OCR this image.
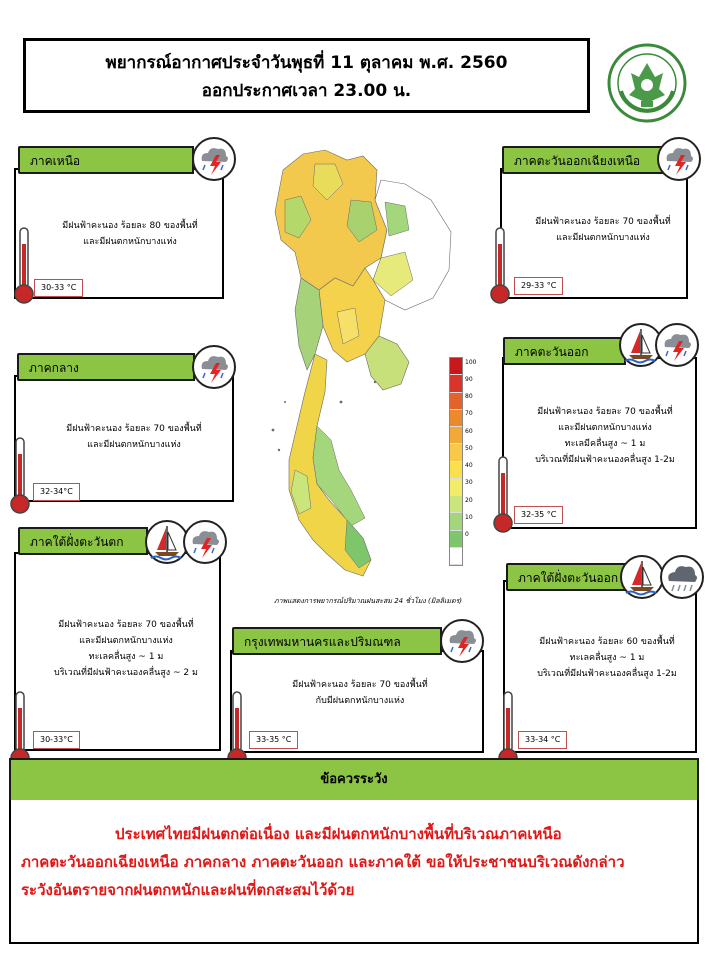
พยากรณ์อากาศประจำวันพุธที่ 11 ตุลาคม พ.ศ. 2560
ออกประกาศเวลา 23.00 น.
ภาคเหนือ
มีฝนฟ้าคะนอง ร้อยละ 80 ของพื้นที่
และมีฝนตกหนักบางแห่ง
30-33 °C
ภาคตะวันออกเฉียงเหนือ
มีฝนฟ้าคะนอง ร้อยละ 70 ของพื้นที่
และมีฝนตกหนักบางแห่ง
29-33 °C
ภาคกลาง
มีฝนฟ้าคะนอง ร้อยละ 70 ของพื้นที่
และมีฝนตกหนักบางแห่ง
32-34°C
ภาคตะวันออก
มีฝนฟ้าคะนอง ร้อยละ 70 ของพื้นที่
และมีฝนตกหนักบางแห่ง
ทะเลมีคลื่นสูง ~ 1 ม
บริเวณที่มีฝนฟ้าคะนองคลื่นสูง 1-2ม
32-35 °C
ภาคใต้ฝั่งตะวันตก
มีฝนฟ้าคะนอง ร้อยละ 70 ของพื้นที่
และมีฝนตกหนักบางแห่ง
ทะเลคลื่นสูง ~ 1 ม
บริเวณที่มีฝนฟ้าคะนองคลื่นสูง ~ 2 ม
30-33°C
กรุงเทพมหานครและปริมณฑล
มีฝนฟ้าคะนอง ร้อยละ 70 ของพื้นที่
กับมีฝนตกหนักบางแห่ง
33-35 °C
ภาคใต้ฝั่งตะวันออก
มีฝนฟ้าคะนอง ร้อยละ 60 ของพื้นที่
ทะเลคลื่นสูง ~ 1 ม
บริเวณที่มีฝนฟ้าคะนองคลื่นสูง 1-2ม
33-34 °C
100
90
80
70
60
50
40
30
20
10
0
ภาพแสดงการพยากรณ์ปริมาณฝนสะสม 24 ชั่วโมง (มิลลิเมตร)
ข้อควรระวัง
ประเทศไทยมีฝนตกต่อเนื่อง และมีฝนตกหนักบางพื้นที่บริเวณภาคเหนือ
ภาคตะวันออกเฉียงเหนือ ภาคกลาง ภาคตะวันออก และภาคใต้ ขอให้ประชาชนบริเวณดังกล่าว
ระวังอันตรายจากฝนตกหนักและฝนที่ตกสะสมไว้ด้วย
